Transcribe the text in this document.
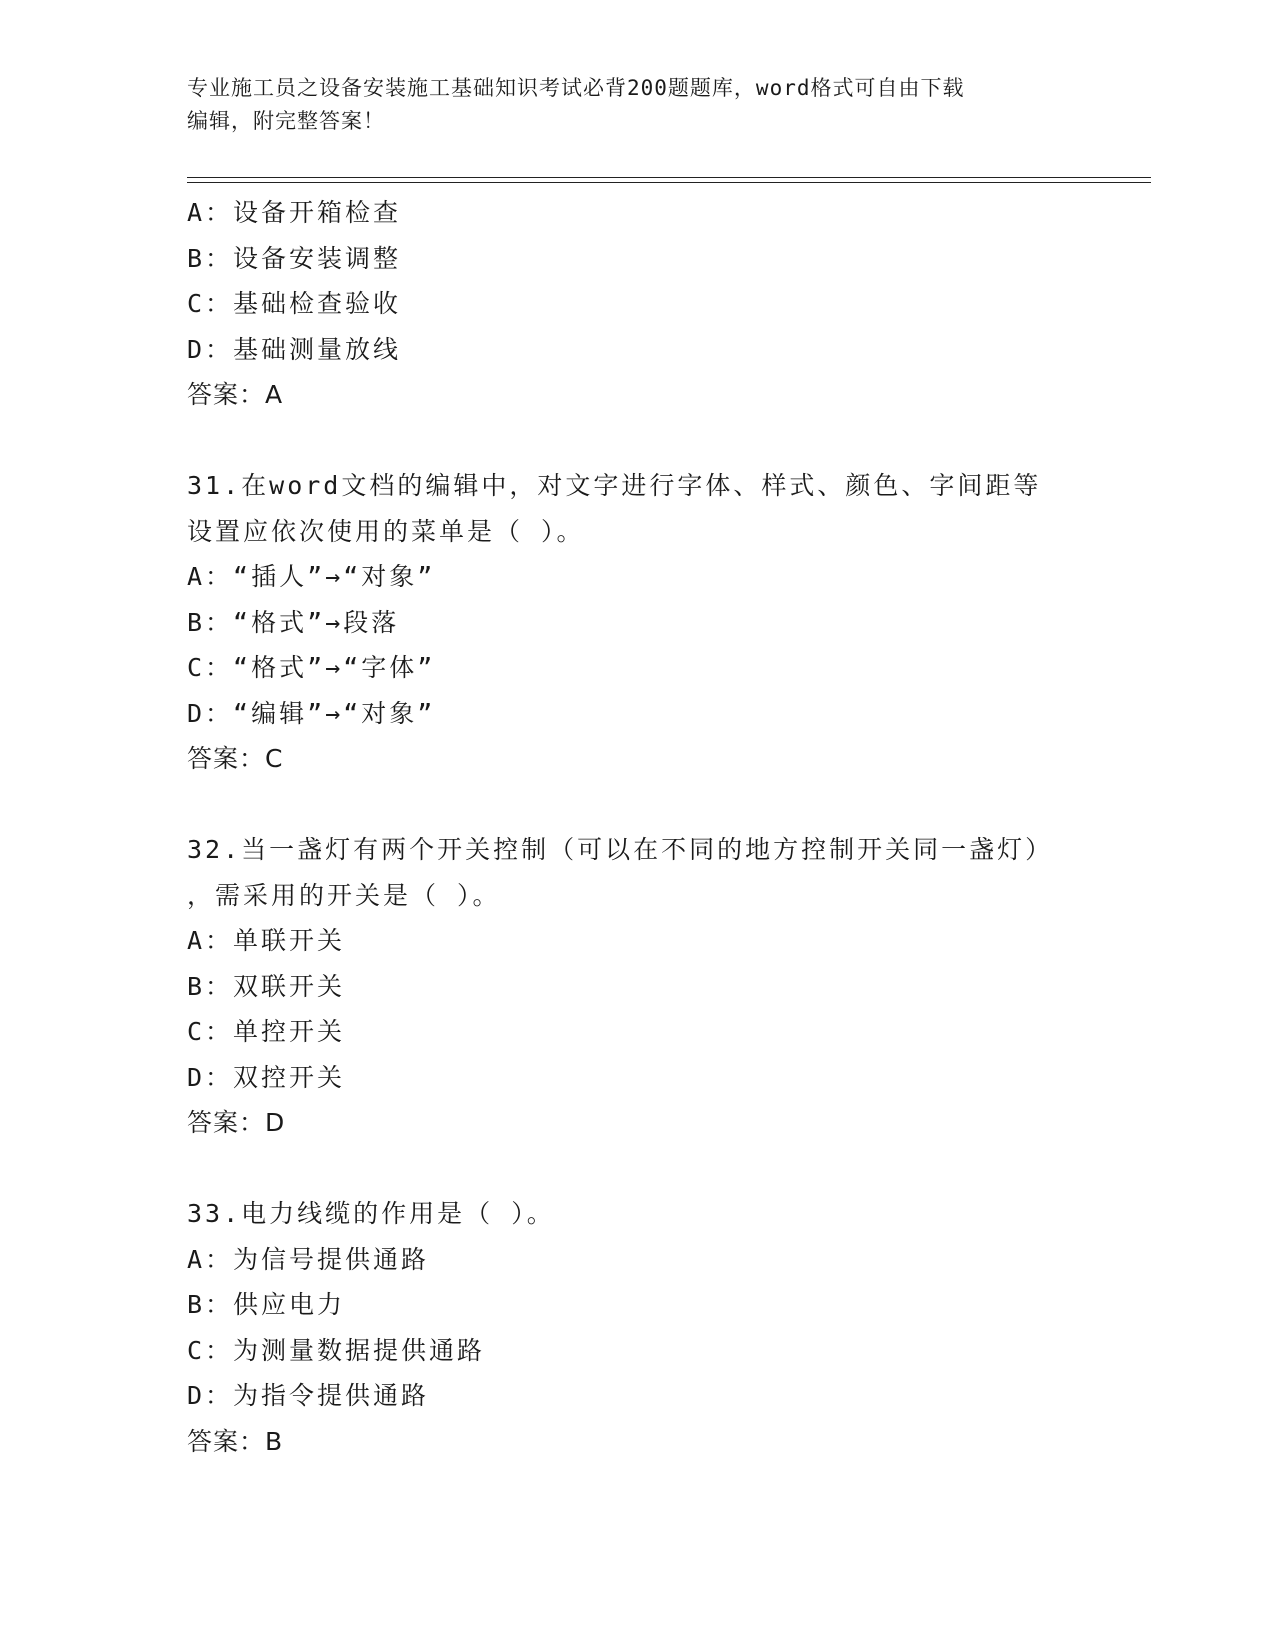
专业施工员之设备安装施工基础知识考试必背200题题库，word格式可自由下载
编辑，附完整答案！
A：设备开箱检查
B：设备安装调整
C：基础检查验收
D：基础测量放线
答案：A
31.在word文档的编辑中，对文字进行字体、样式、颜色、字间距等
设置应依次使用的菜单是（ ）。
A：“插人”→“对象”
B：“格式”→段落
C：“格式”→“字体”
D：“编辑”→“对象”
答案：C
32.当一盏灯有两个开关控制（可以在不同的地方控制开关同一盏灯）
，需采用的开关是（ ）。
A：单联开关
B：双联开关
C：单控开关
D：双控开关
答案：D
33.电力线缆的作用是（ ）。
A：为信号提供通路
B：供应电力
C：为测量数据提供通路
D：为指令提供通路
答案：B
